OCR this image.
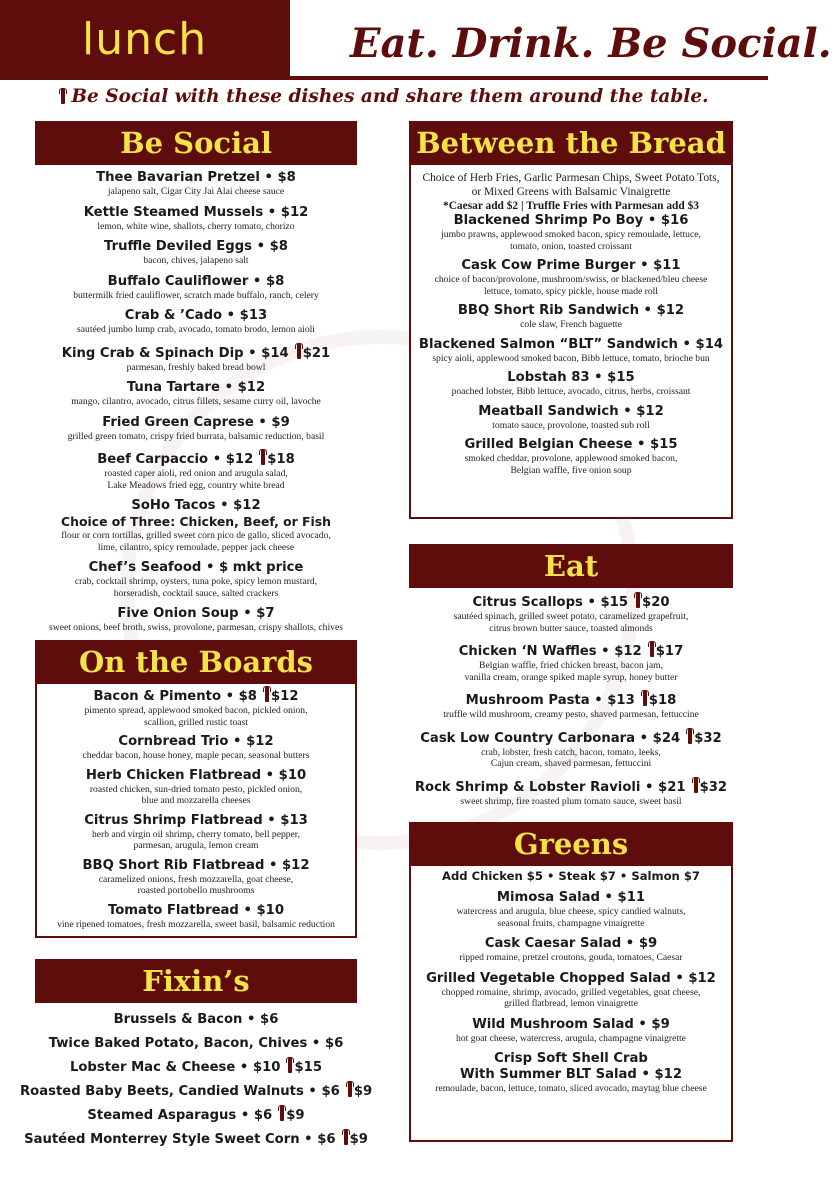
lunch	Eat. Drink. Be Social.
Be Social with these dishes and share them around the table.
Be Social
Thee Bavarian Pretzel • $8
jalapeno salt, Cigar City Jai Alai cheese sauce
Kettle Steamed Mussels • $12
lemon, white wine, shallots, cherry tomato, chorizo
Truffle Deviled Eggs • $8
bacon, chives, jalapeno salt
Buffalo Cauliflower • $8
buttermilk fried cauliflower, scratch made buffalo, ranch, celery
Crab & ’Cado • $13
sautéed jumbo lump crab, avocado, tomato brodo, lemon aioli
King Crab & Spinach Dip • $14 $21
parmesan, freshly baked bread bowl
Tuna Tartare • $12
mango, cilantro, avocado, citrus fillets, sesame curry oil, lavoche
Fried Green Caprese • $9
grilled green tomato, crispy fried burrata, balsamic reduction, basil
Beef Carpaccio • $12 $18
roasted caper aioli, red onion and arugula salad,
Lake Meadows fried egg, country white bread
SoHo Tacos • $12
Choice of Three: Chicken, Beef, or Fish
flour or corn tortillas, grilled sweet corn pico de gallo, sliced avocado,
lime, cilantro, spicy remoulade, pepper jack cheese
Chef’s Seafood • $ mkt price
crab, cocktail shrimp, oysters, tuna poke, spicy lemon mustard,
horseradish, cocktail sauce, salted crackers
Five Onion Soup • $7
sweet onions, beef broth, swiss, provolone, parmesan, crispy shallots, chives
On the Boards
Bacon & Pimento • $8 $12
pimento spread, applewood smoked bacon, pickled onion,
scallion, grilled rustic toast
Cornbread Trio • $12
cheddar bacon, house honey, maple pecan, seasonal butters
Herb Chicken Flatbread • $10
roasted chicken, sun-dried tomato pesto, pickled onion,
blue and mozzarella cheeses
Citrus Shrimp Flatbread • $13
herb and virgin oil shrimp, cherry tomato, bell pepper,
parmesan, arugula, lemon cream
BBQ Short Rib Flatbread • $12
caramelized onions, fresh mozzarella, goat cheese,
roasted portobello mushrooms
Tomato Flatbread • $10
vine ripened tomatoes, fresh mozzarella, sweet basil, balsamic reduction
Fixin’s
Brussels & Bacon • $6
Twice Baked Potato, Bacon, Chives • $6
Lobster Mac & Cheese • $10 $15
Roasted Baby Beets, Candied Walnuts • $6 $9
Steamed Asparagus • $6 $9
Sautéed Monterrey Style Sweet Corn • $6 $9
Between the Bread
Choice of Herb Fries, Garlic Parmesan Chips, Sweet Potato Tots,
or Mixed Greens with Balsamic Vinaigrette
*Caesar add $2 | Truffle Fries with Parmesan add $3
Blackened Shrimp Po Boy • $16
jumbo prawns, applewood smoked bacon, spicy remoulade, lettuce,
tomato, onion, toasted croissant
Cask Cow Prime Burger • $11
choice of bacon/provolone, mushroom/swiss, or blackened/bleu cheese
lettuce, tomato, spicy pickle, house made roll
BBQ Short Rib Sandwich • $12
cole slaw, French baguette
Blackened Salmon “BLT” Sandwich • $14
spicy aioli, applewood smoked bacon, Bibb lettuce, tomato, brioche bun
Lobstah 83 • $15
poached lobster, Bibb lettuce, avocado, citrus, herbs, croissant
Meatball Sandwich • $12
tomato sauce, provolone, toasted sub roll
Grilled Belgian Cheese • $15
smoked cheddar, provolone, applewood smoked bacon,
Belgian waffle, five onion soup
Eat
Citrus Scallops • $15 $20
sautéed spinach, grilled sweet potato, caramelized grapefruit,
citrus brown butter sauce, toasted almonds
Chicken ‘N Waffles • $12 $17
Belgian waffle, fried chicken breast, bacon jam,
vanilla cream, orange spiked maple syrup, honey butter
Mushroom Pasta • $13 $18
truffle wild mushroom, creamy pesto, shaved parmesan, fettuccine
Cask Low Country Carbonara • $24 $32
crab, lobster, fresh catch, bacon, tomato, leeks,
Cajun cream, shaved parmesan, fettuccini
Rock Shrimp & Lobster Ravioli • $21 $32
sweet shrimp, fire roasted plum tomato sauce, sweet basil
Greens
Add Chicken $5 • Steak $7 • Salmon $7
Mimosa Salad • $11
watercress and arugula, blue cheese, spicy candied walnuts,
seasonal fruits, champagne vinaigrette
Cask Caesar Salad • $9
ripped romaine, pretzel croutons, gouda, tomatoes, Caesar
Grilled Vegetable Chopped Salad • $12
chopped romaine, shrimp, avocado, grilled vegetables, goat cheese,
grilled flatbread, lemon vinaigrette
Wild Mushroom Salad • $9
hot goat cheese, watercress, arugula, champagne vinaigrette
Crisp Soft Shell Crab
With Summer BLT Salad • $12
remoulade, bacon, lettuce, tomato, sliced avocado, maytag blue cheese
